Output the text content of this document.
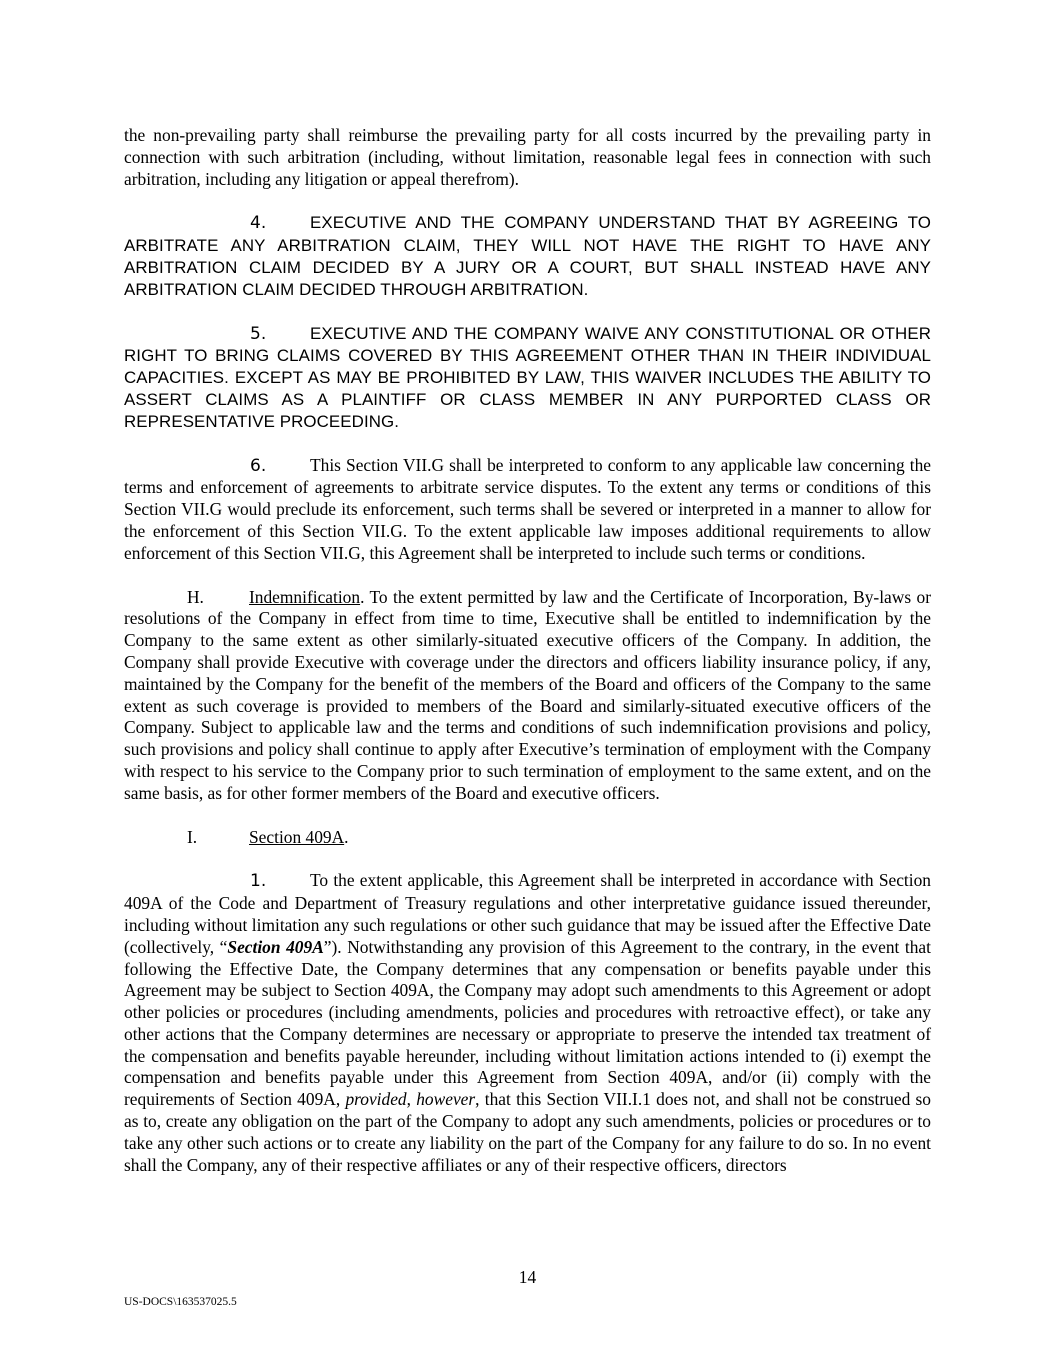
the non-prevailing party shall reimburse the prevailing party for all costs incurred by the prevailing party in connection with such arbitration (including, without limitation, reasonable legal fees in connection with such arbitration, including any litigation or appeal therefrom).

4.	EXECUTIVE AND THE COMPANY UNDERSTAND THAT BY AGREEING TO ARBITRATE ANY ARBITRATION CLAIM, THEY WILL NOT HAVE THE RIGHT TO HAVE ANY ARBITRATION CLAIM DECIDED BY A JURY OR A COURT, BUT SHALL INSTEAD HAVE ANY ARBITRATION CLAIM DECIDED THROUGH ARBITRATION.

5.	EXECUTIVE AND THE COMPANY WAIVE ANY CONSTITUTIONAL OR OTHER RIGHT TO BRING CLAIMS COVERED BY THIS AGREEMENT OTHER THAN IN THEIR INDIVIDUAL CAPACITIES. EXCEPT AS MAY BE PROHIBITED BY LAW, THIS WAIVER INCLUDES THE ABILITY TO ASSERT CLAIMS AS A PLAINTIFF OR CLASS MEMBER IN ANY PURPORTED CLASS OR REPRESENTATIVE PROCEEDING.

6.	This Section VII.G shall be interpreted to conform to any applicable law concerning the terms and enforcement of agreements to arbitrate service disputes. To the extent any terms or conditions of this Section VII.G would preclude its enforcement, such terms shall be severed or interpreted in a manner to allow for the enforcement of this Section VII.G. To the extent applicable law imposes additional requirements to allow enforcement of this Section VII.G, this Agreement shall be interpreted to include such terms or conditions.

H.	Indemnification. To the extent permitted by law and the Certificate of Incorporation, By-laws or resolutions of the Company in effect from time to time, Executive shall be entitled to indemnification by the Company to the same extent as other similarly-situated executive officers of the Company. In addition, the Company shall provide Executive with coverage under the directors and officers liability insurance policy, if any, maintained by the Company for the benefit of the members of the Board and officers of the Company to the same extent as such coverage is provided to members of the Board and similarly-situated executive officers of the Company. Subject to applicable law and the terms and conditions of such indemnification provisions and policy, such provisions and policy shall continue to apply after Executive’s termination of employment with the Company with respect to his service to the Company prior to such termination of employment to the same extent, and on the same basis, as for other former members of the Board and executive officers.

I.	Section 409A.

1.	To the extent applicable, this Agreement shall be interpreted in accordance with Section 409A of the Code and Department of Treasury regulations and other interpretative guidance issued thereunder, including without limitation any such regulations or other such guidance that may be issued after the Effective Date (collectively, “Section 409A”). Notwithstanding any provision of this Agreement to the contrary, in the event that following the Effective Date, the Company determines that any compensation or benefits payable under this Agreement may be subject to Section 409A, the Company may adopt such amendments to this Agreement or adopt other policies or procedures (including amendments, policies and procedures with retroactive effect), or take any other actions that the Company determines are necessary or appropriate to preserve the intended tax treatment of the compensation and benefits payable hereunder, including without limitation actions intended to (i) exempt the compensation and benefits payable under this Agreement from Section 409A, and/or (ii) comply with the requirements of Section 409A, provided, however, that this Section VII.I.1 does not, and shall not be construed so as to, create any obligation on the part of the Company to adopt any such amendments, policies or procedures or to take any other such actions or to create any liability on the part of the Company for any failure to do so. In no event shall the Company, any of their respective affiliates or any of their respective officers, directors

14
US-DOCS\163537025.5
